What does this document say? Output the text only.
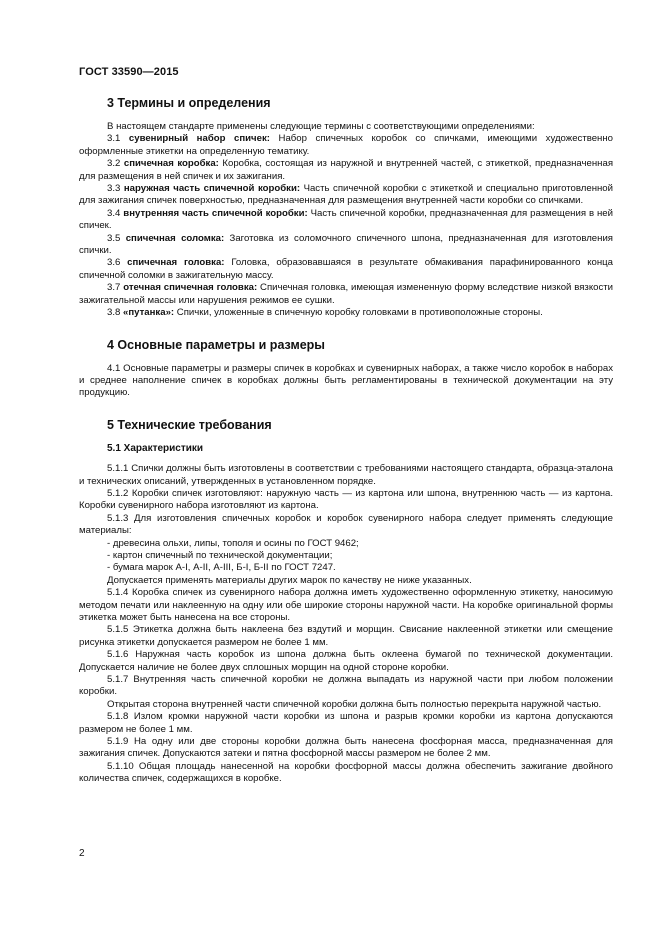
ГОСТ 33590—2015
3 Термины и определения

В настоящем стандарте применены следующие термины с соответствующими определениями:

3.1 сувенирный набор спичек: Набор спичечных коробок со спичками, имеющими художественно оформленные этикетки на определенную тематику.

3.2 спичечная коробка: Коробка, состоящая из наружной и внутренней частей, с этикеткой, предназначенная для размещения в ней спичек и их зажигания.

3.3 наружная часть спичечной коробки: Часть спичечной коробки с этикеткой и специально приготовленной для зажигания спичек поверхностью, предназначенная для размещения внутренней части коробки со спичками.

3.4 внутренняя часть спичечной коробки: Часть спичечной коробки, предназначенная для размещения в ней спичек.

3.5 спичечная соломка: Заготовка из соломочного спичечного шпона, предназначенная для изготовления спички.

3.6 спичечная головка: Головка, образовавшаяся в результате обмакивания парафинированного конца спичечной соломки в зажигательную массу.

3.7 отечная спичечная головка: Спичечная головка, имеющая измененную форму вследствие низкой вязкости зажигательной массы или нарушения режимов ее сушки.

3.8 «путанка»: Спички, уложенные в спичечную коробку головками в противоположные стороны.

4 Основные параметры и размеры

4.1 Основные параметры и размеры спичек в коробках и сувенирных наборах, а также число коробок в наборах и среднее наполнение спичек в коробках должны быть регламентированы в технической документации на эту продукцию.

5 Технические требования
5.1 Характеристики

5.1.1 Спички должны быть изготовлены в соответствии с требованиями настоящего стандарта, образца-эталона и технических описаний, утвержденных в установленном порядке.

5.1.2 Коробки спичек изготовляют: наружную часть — из картона или шпона, внутреннюю часть — из картона. Коробки сувенирного набора изготовляют из картона.

5.1.3 Для изготовления спичечных коробок и коробок сувенирного набора следует применять следующие материалы:

- древесина ольхи, липы, тополя и осины по ГОСТ 9462;

- картон спичечный по технической документации;

- бумага марок А-I, А-II, А-III, Б-I, Б-II по ГОСТ 7247.

Допускается применять материалы других марок по качеству не ниже указанных.

5.1.4 Коробка спичек из сувенирного набора должна иметь художественно оформленную этикетку, наносимую методом печати или наклеенную на одну или обе широкие стороны наружной части. На коробке оригинальной формы этикетка может быть нанесена на все стороны.

5.1.5 Этикетка должна быть наклеена без вздутий и морщин. Свисание наклеенной этикетки или смещение рисунка этикетки допускается размером не более 1 мм.

5.1.6 Наружная часть коробок из шпона должна быть оклеена бумагой по технической документации. Допускается наличие не более двух сплошных морщин на одной стороне коробки.

5.1.7 Внутренняя часть спичечной коробки не должна выпадать из наружной части при любом положении коробки.

Открытая сторона внутренней части спичечной коробки должна быть полностью перекрыта наружной частью.

5.1.8 Излом кромки наружной части коробки из шпона и разрыв кромки коробки из картона допускаются размером не более 1 мм.

5.1.9 На одну или две стороны коробки должна быть нанесена фосфорная масса, предназначенная для зажигания спичек. Допускаются затеки и пятна фосфорной массы размером не более 2 мм.

5.1.10 Общая площадь нанесенной на коробки фосфорной массы должна обеспечить зажигание двойного количества спичек, содержащихся в коробке.

2
